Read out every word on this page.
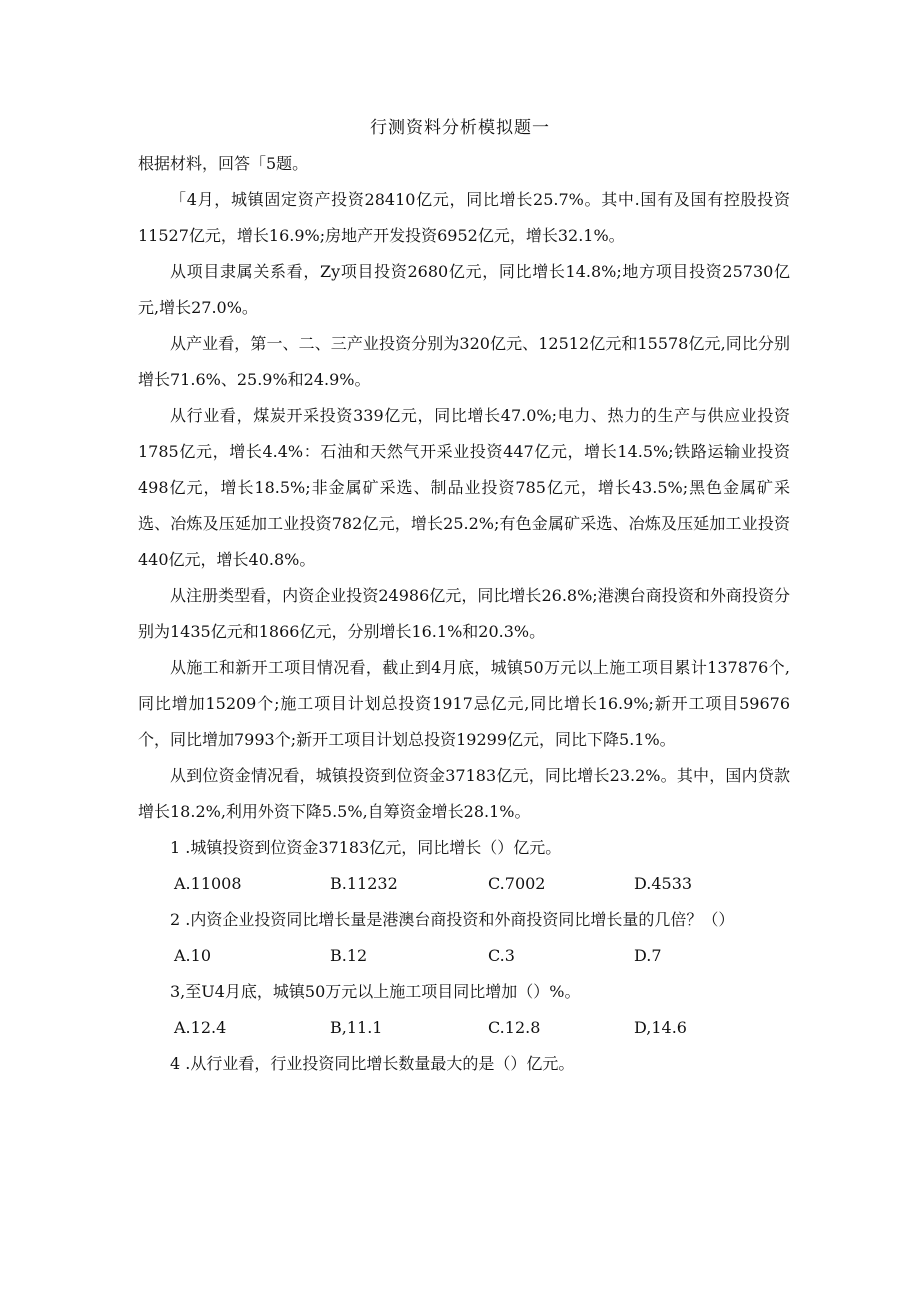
行测资料分析模拟题一

根据材料，回答「5题。

「4月，城镇固定资产投资28410亿元，同比增长25.7%。其中.国有及国有控股投资11527亿元，增长16.9%;房地产开发投资6952亿元，增长32.1%。

从项目隶属关系看，Zy项目投资2680亿元，同比增长14.8%;地方项目投资25730亿元,增长27.0%。

从产业看，第一、二、三产业投资分别为320亿元、12512亿元和15578亿元,同比分别增长71.6%、25.9%和24.9%。

从行业看，煤炭开采投资339亿元，同比增长47.0%;电力、热力的生产与供应业投资1785亿元，增长4.4%：石油和天然气开采业投资447亿元，增长14.5%;铁路运输业投资498亿元，增长18.5%;非金属矿采选、制品业投资785亿元，增长43.5%;黑色金属矿采选、冶炼及压延加工业投资782亿元，增长25.2%;有色金属矿采选、冶炼及压延加工业投资440亿元，增长40.8%。

从注册类型看，内资企业投资24986亿元，同比增长26.8%;港澳台商投资和外商投资分别为1435亿元和1866亿元，分别增长16.1%和20.3%。

从施工和新开工项目情况看，截止到4月底，城镇50万元以上施工项目累计137876个,同比增加15209个;施工项目计划总投资1917忌亿元,同比增长16.9%;新开工项目59676个，同比增加7993个;新开工项目计划总投资19299亿元，同比下降5.1%。

从到位资金情况看，城镇投资到位资金37183亿元，同比增长23.2%。其中，国内贷款增长18.2%,利用外资下降5.5%,自筹资金增长28.1%。

1 .城镇投资到位资金37183亿元，同比增长（）亿元。

A.11008	B.11232	C.7002	D.4533

2 .内资企业投资同比增长量是港澳台商投资和外商投资同比增长量的几倍？（）

A.10	B.12	C.3	D.7

3,至U4月底，城镇50万元以上施工项目同比增加（）%。

A.12.4	B,11.1	C.12.8	D,14.6

4 .从行业看，行业投资同比增长数量最大的是（）亿元。
